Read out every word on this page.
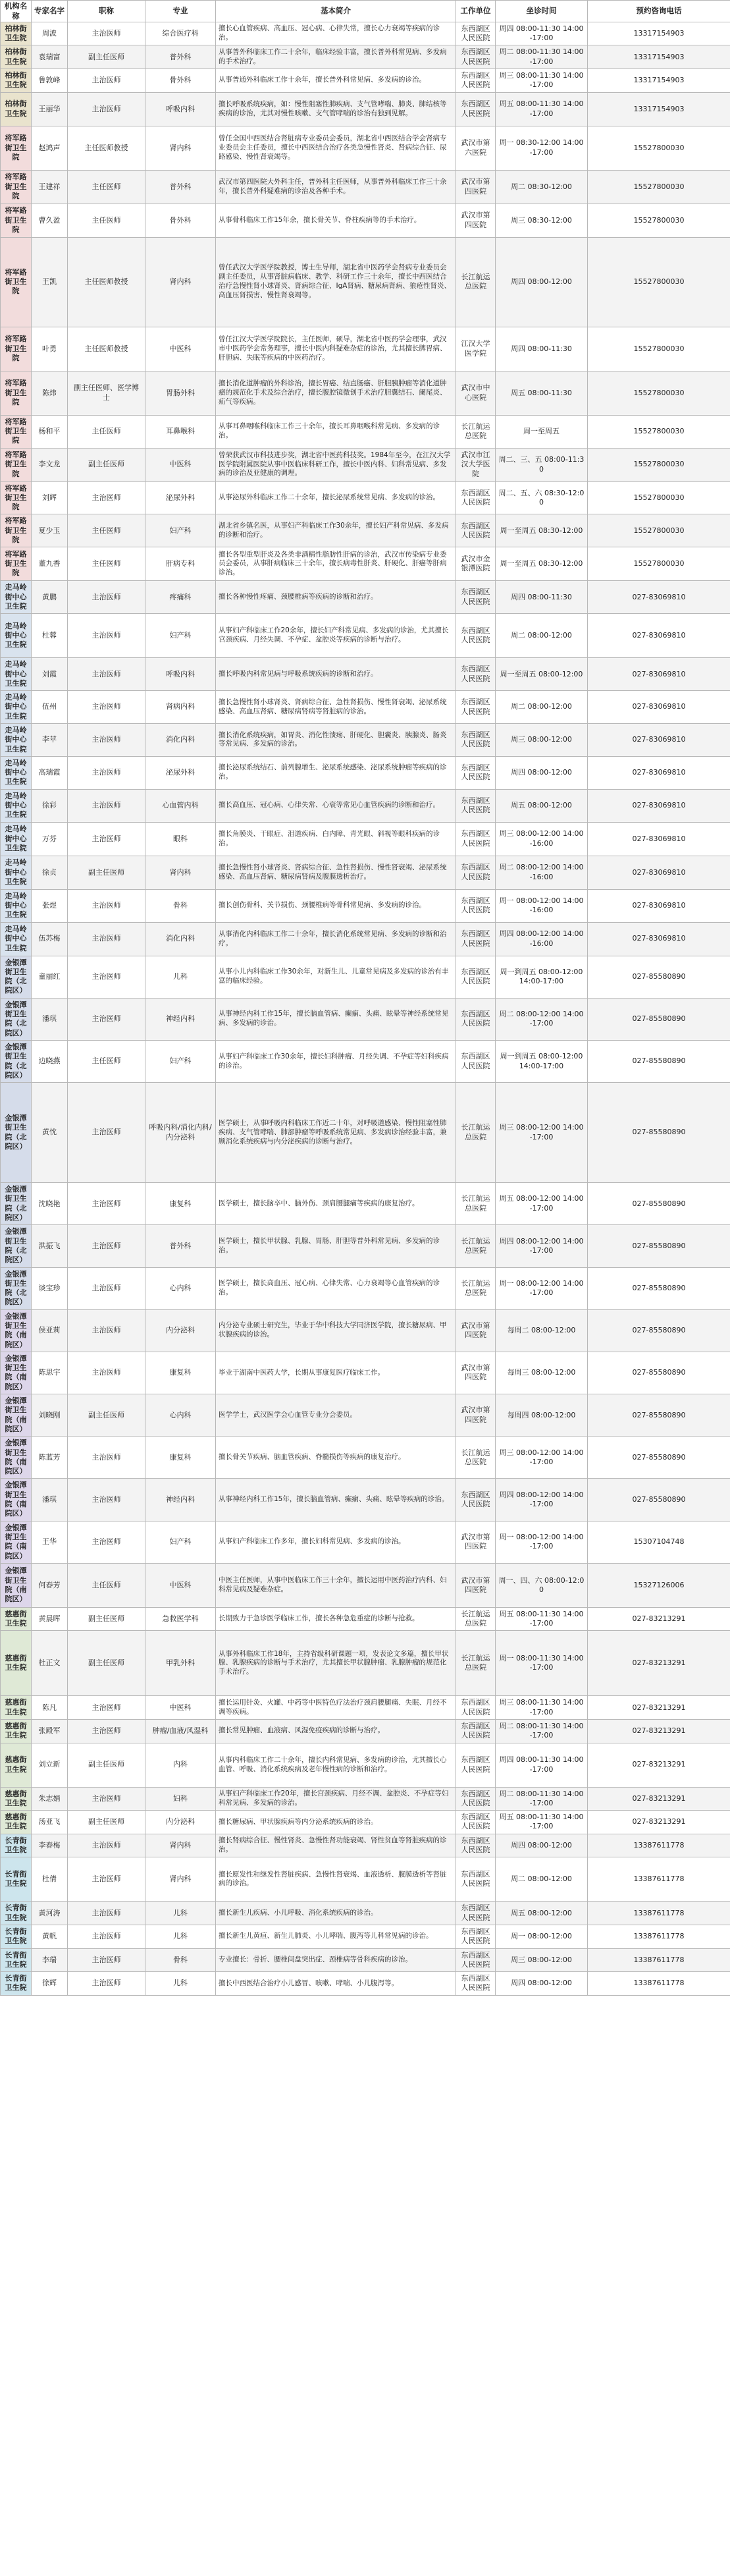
机构名称	专家名字	职称	专业	基本简介	工作单位	坐诊时间	预约咨询电话
柏林街卫生院	周波	主治医师	综合医疗科	擅长心血管疾病、高血压、冠心病、心律失常，擅长心力衰竭等疾病的诊治。	东西湖区人民医院	周四 08:00-11:30 14:00-17:00	13317154903
柏林街卫生院	袁瑞富	副主任医师	普外科	从事普外科临床工作二十余年，临床经验丰富，擅长普外科常见病、多发病的手术治疗。	东西湖区人民医院	周二 08:00-11:30 14:00-17:00	13317154903
柏林街卫生院	鲁敦峰	主治医师	骨外科	从事普通外科临床工作十余年，擅长普外科常见病、多发病的诊治。	东西湖区人民医院	周三 08:00-11:30 14:00-17:00	13317154903
柏林街卫生院	王丽华	主治医师	呼吸内科	擅长呼吸系统疾病，如：慢性阻塞性肺疾病、支气管哮喘、肺炎、肺结核等疾病的诊治，尤其对慢性咳嗽、支气管哮喘的诊治有独到见解。	东西湖区人民医院	周五 08:00-11:30 14:00-17:00	13317154903
将军路街卫生院	赵鸿声	主任医师教授	肾内科	曾任全国中西医结合肾脏病专业委员会委员，湖北省中西医结合学会肾病专业委员会主任委员，擅长中西医结合治疗各类急慢性肾炎、肾病综合征、尿路感染、慢性肾衰竭等。	武汉市第六医院	周一 08:30-12:00 14:00-17:00	15527800030
将军路街卫生院	王建祥	主任医师	普外科	武汉市第四医院大外科主任，普外科主任医师，从事普外科临床工作三十余年，擅长普外科疑难病的诊治及各种手术。	武汉市第四医院	周二 08:30-12:00	15527800030
将军路街卫生院	曹久盈	主任医师	骨外科	从事骨科临床工作15年余，擅长骨关节、脊柱疾病等的手术治疗。	武汉市第四医院	周三 08:30-12:00	15527800030
将军路街卫生院	王凯	主任医师教授	肾内科	曾任武汉大学医学院教授，博士生导师，湖北省中医药学会肾病专业委员会副主任委员，从事肾脏病临床、教学、科研工作三十余年，擅长中西医结合治疗急慢性肾小球肾炎、肾病综合征、IgA肾病、糖尿病肾病、狼疮性肾炎、高血压肾损害、慢性肾衰竭等。	长江航运总医院	周四 08:00-12:00	15527800030
将军路街卫生院	叶勇	主任医师教授	中医科	曾任江汉大学医学院院长，主任医师，硕导，湖北省中医药学会理事，武汉市中医药学会常务理事，擅长中医内科疑难杂症的诊治，尤其擅长脾胃病、肝胆病、失眠等疾病的中医药治疗。	江汉大学医学院	周四 08:00-11:30	15527800030
将军路街卫生院	陈炜	副主任医师、医学博士	胃肠外科	擅长消化道肿瘤的外科诊治，擅长胃癌、结直肠癌、肝胆胰肿瘤等消化道肿瘤的规范化手术及综合治疗，擅长腹腔镜微创手术治疗胆囊结石、阑尾炎、疝气等疾病。	武汉市中心医院	周五 08:00-11:30	15527800030
将军路街卫生院	杨和平	主任医师	耳鼻喉科	从事耳鼻咽喉科临床工作三十余年，擅长耳鼻咽喉科常见病、多发病的诊治。	长江航运总医院	周一至周五	15527800030
将军路街卫生院	李文龙	副主任医师	中医科	曾荣获武汉市科技进步奖，湖北省中医药科技奖。1984年至今，在江汉大学医学院附属医院从事中医临床科研工作，擅长中医内科、妇科常见病、多发病的诊治及亚健康的调理。	武汉市江汉大学医院	周二、三、五 08:00-11:30	15527800030
将军路街卫生院	刘辉	主治医师	泌尿外科	从事泌尿外科临床工作二十余年，擅长泌尿系统常见病、多发病的诊治。	东西湖区人民医院	周二、五、六 08:30-12:00	15527800030
将军路街卫生院	夏少玉	主任医师	妇产科	湖北省乡镇名医，从事妇产科临床工作30余年，擅长妇产科常见病、多发病的诊断和治疗。	东西湖区人民医院	周一至周五 08:30-12:00	15527800030
将军路街卫生院	董九香	主任医师	肝病专科	擅长各型重型肝炎及各类非酒精性脂肪性肝病的诊治，武汉市传染病专业委员会委员，从事肝病临床三十余年，擅长病毒性肝炎、肝硬化、肝癌等肝病诊治。	武汉市金银潭医院	周一至周五 08:30-12:00	15527800030
走马岭街中心卫生院	黄鹏	主治医师	疼痛科	擅长各种慢性疼痛、颈腰椎病等疾病的诊断和治疗。	东西湖区人民医院	周四 08:00-11:30	027-83069810
走马岭街中心卫生院	杜蓉	主治医师	妇产科	从事妇产科临床工作20余年，擅长妇产科常见病、多发病的诊治，尤其擅长宫颈疾病、月经失调、不孕症、盆腔炎等疾病的诊断与治疗。	东西湖区人民医院	周二 08:00-12:00	027-83069810
走马岭街中心卫生院	刘霞	主治医师	呼吸内科	擅长呼吸内科常见病与呼吸系统疾病的诊断和治疗。	东西湖区人民医院	周一至周五 08:00-12:00	027-83069810
走马岭街中心卫生院	伍州	主治医师	肾病内科	擅长急慢性肾小球肾炎、肾病综合征、急性肾损伤、慢性肾衰竭、泌尿系统感染、高血压肾病、糖尿病肾病等肾脏病的诊治。	东西湖区人民医院	周二 08:00-12:00	027-83069810
走马岭街中心卫生院	李苹	主治医师	消化内科	擅长消化系统疾病，如胃炎、消化性溃疡、肝硬化、胆囊炎、胰腺炎、肠炎等常见病、多发病的诊治。	东西湖区人民医院	周三 08:00-12:00	027-83069810
走马岭街中心卫生院	高瑞霞	主治医师	泌尿外科	擅长泌尿系统结石、前列腺增生、泌尿系统感染、泌尿系统肿瘤等疾病的诊治。	东西湖区人民医院	周四 08:00-12:00	027-83069810
走马岭街中心卫生院	徐彩	主治医师	心血管内科	擅长高血压、冠心病、心律失常、心衰等常见心血管疾病的诊断和治疗。	东西湖区人民医院	周五 08:00-12:00	027-83069810
走马岭街中心卫生院	万芬	主治医师	眼科	擅长角膜炎、干眼症、泪道疾病、白内障、青光眼、斜视等眼科疾病的诊治。	东西湖区人民医院	周三 08:00-12:00 14:00-16:00	027-83069810
走马岭街中心卫生院	徐贞	副主任医师	肾内科	擅长急慢性肾小球肾炎、肾病综合征、急性肾损伤、慢性肾衰竭、泌尿系统感染、高血压肾病、糖尿病肾病及腹膜透析治疗。	东西湖区人民医院	周二 08:00-12:00 14:00-16:00	027-83069810
走马岭街中心卫生院	张煜	主治医师	骨科	擅长创伤骨科、关节损伤、颈腰椎病等骨科常见病、多发病的诊治。	东西湖区人民医院	周一 08:00-12:00 14:00-16:00	027-83069810
走马岭街中心卫生院	伍苏梅	主治医师	消化内科	从事消化内科临床工作二十余年，擅长消化系统常见病、多发病的诊断和治疗。	东西湖区人民医院	周四 08:00-12:00 14:00-16:00	027-83069810
金银潭街卫生院（北院区）	童丽红	主治医师	儿科	从事小儿内科临床工作30余年，对新生儿、儿童常见病及多发病的诊治有丰富的临床经验。	东西湖区人民医院	周一到周五 08:00-12:00 14:00-17:00	027-85580890
金银潭街卫生院（北院区）	潘琪	主治医师	神经内科	从事神经内科工作15年，擅长脑血管病、癫痫、头痛、眩晕等神经系统常见病、多发病的诊治。	东西湖区人民医院	周二 08:00-12:00 14:00-17:00	027-85580890
金银潭街卫生院（北院区）	边晓燕	主任医师	妇产科	从事妇产科临床工作30余年，擅长妇科肿瘤、月经失调、不孕症等妇科疾病的诊治。	东西湖区人民医院	周一到周五 08:00-12:00 14:00-17:00	027-85580890
金银潭街卫生院（北院区）	黄忱	主治医师	呼吸内科/消化内科/内分泌科	医学硕士，从事呼吸内科临床工作近二十年，对呼吸道感染、慢性阻塞性肺疾病、支气管哮喘、肺部肿瘤等呼吸系统常见病、多发病诊治经验丰富，兼顾消化系统疾病与内分泌疾病的诊断与治疗。	长江航运总医院	周三 08:00-12:00 14:00-17:00	027-85580890
金银潭街卫生院（北院区）	沈晓艳	主治医师	康复科	医学硕士，擅长脑卒中、脑外伤、颈肩腰腿痛等疾病的康复治疗。	长江航运总医院	周五 08:00-12:00 14:00-17:00	027-85580890
金银潭街卫生院（北院区）	洪振飞	主治医师	普外科	医学硕士，擅长甲状腺、乳腺、胃肠、肝胆等普外科常见病、多发病的诊治。	长江航运总医院	周四 08:00-12:00 14:00-17:00	027-85580890
金银潭街卫生院（北院区）	谈宝珍	主治医师	心内科	医学硕士，擅长高血压、冠心病、心律失常、心力衰竭等心血管疾病的诊治。	长江航运总医院	周一 08:00-12:00 14:00-17:00	027-85580890
金银潭街卫生院（南院区）	侯亚莉	主治医师	内分泌科	内分泌专业硕士研究生，毕业于华中科技大学同济医学院，擅长糖尿病、甲状腺疾病的诊治。	武汉市第四医院	每周二 08:00-12:00	027-85580890
金银潭街卫生院（南院区）	陈思宇	主治医师	康复科	毕业于湖南中医药大学，长期从事康复医疗临床工作。	武汉市第四医院	每周三 08:00-12:00	027-85580890
金银潭街卫生院（南院区）	刘晓刚	副主任医师	心内科	医学学士，武汉医学会心血管专业分会委员。	武汉市第四医院	每周四 08:00-12:00	027-85580890
金银潭街卫生院（南院区）	陈蓝芳	主治医师	康复科	擅长骨关节疾病、脑血管疾病、脊髓损伤等疾病的康复治疗。	长江航运总医院	周三 08:00-12:00 14:00-17:00	027-85580890
金银潭街卫生院（南院区）	潘琪	主治医师	神经内科	从事神经内科工作15年，擅长脑血管病、癫痫、头痛、眩晕等疾病的诊治。	东西湖区人民医院	周四 08:00-12:00 14:00-17:00	027-85580890
金银潭街卫生院（南院区）	王华	主治医师	妇产科	从事妇产科临床工作多年，擅长妇科常见病、多发病的诊治。	武汉市第四医院	周一 08:00-12:00 14:00-17:00	15307104748
金银潭街卫生院（南院区）	何春芳	主任医师	中医科	中医主任医师，从事中医临床工作三十余年，擅长运用中医药治疗内科、妇科常见病及疑难杂症。	武汉市第四医院	周一、四、六 08:00-12:00	15327126006
慈惠街卫生院	黄晨晖	副主任医师	急救医学科	长期致力于急诊医学临床工作，擅长各种急危重症的诊断与抢救。	长江航运总医院	周五 08:00-11:30 14:00-17:00	027-83213291
慈惠街卫生院	杜正文	副主任医师	甲乳外科	从事外科临床工作18年，主持省级科研课题一项，发表论文多篇，擅长甲状腺、乳腺疾病的诊断与手术治疗，尤其擅长甲状腺肿瘤、乳腺肿瘤的规范化手术治疗。	长江航运总医院	周一 08:00-11:30 14:00-17:00	027-83213291
慈惠街卫生院	陈凡	主治医师	中医科	擅长运用针灸、火罐、中药等中医特色疗法治疗颈肩腰腿痛、失眠、月经不调等疾病。	东西湖区人民医院	周三 08:00-11:30 14:00-17:00	027-83213291
慈惠街卫生院	张殿军	主治医师	肿瘤/血液/风湿科	擅长常见肿瘤、血液病、风湿免疫疾病的诊断与治疗。	东西湖区人民医院	周二 08:00-11:30 14:00-17:00	027-83213291
慈惠街卫生院	刘立新	副主任医师	内科	从事内科临床工作二十余年，擅长内科常见病、多发病的诊治，尤其擅长心血管、呼吸、消化系统疾病及老年慢性病的诊断和治疗。	东西湖区人民医院	周四 08:00-11:30 14:00-17:00	027-83213291
慈惠街卫生院	朱志娟	主治医师	妇科	从事妇产科临床工作20年，擅长宫颈疾病、月经不调、盆腔炎、不孕症等妇科常见病、多发病的诊治。	东西湖区人民医院	周二 08:00-11:30 14:00-17:00	027-83213291
慈惠街卫生院	汤亚飞	副主任医师	内分泌科	擅长糖尿病、甲状腺疾病等内分泌系统疾病的诊治。	东西湖区人民医院	周五 08:00-11:30 14:00-17:00	027-83213291
长青街卫生院	李春梅	主治医师	肾内科	擅长肾病综合征、慢性肾炎、急慢性肾功能衰竭、肾性贫血等肾脏疾病的诊治。	东西湖区人民医院	周四 08:00-12:00	13387611778
长青街卫生院	杜倩	主治医师	肾内科	擅长原发性和继发性肾脏疾病、急慢性肾衰竭、血液透析、腹膜透析等肾脏病的诊治。	东西湖区人民医院	周二 08:00-12:00	13387611778
长青街卫生院	黄河涛	主治医师	儿科	擅长新生儿疾病、小儿呼吸、消化系统疾病的诊治。	东西湖区人民医院	周五 08:00-12:00	13387611778
长青街卫生院	黄帆	主治医师	儿科	擅长新生儿黄疸、新生儿肺炎、小儿哮喘、腹泻等儿科常见病的诊治。	东西湖区人民医院	周一 08:00-12:00	13387611778
长青街卫生院	李瑞	主治医师	骨科	专业擅长：骨折、腰椎间盘突出症、颈椎病等骨科疾病的诊治。	东西湖区人民医院	周三 08:00-12:00	13387611778
长青街卫生院	徐辉	主治医师	儿科	擅长中西医结合治疗小儿感冒、咳嗽、哮喘、小儿腹泻等。	东西湖区人民医院	周四 08:00-12:00	13387611778
